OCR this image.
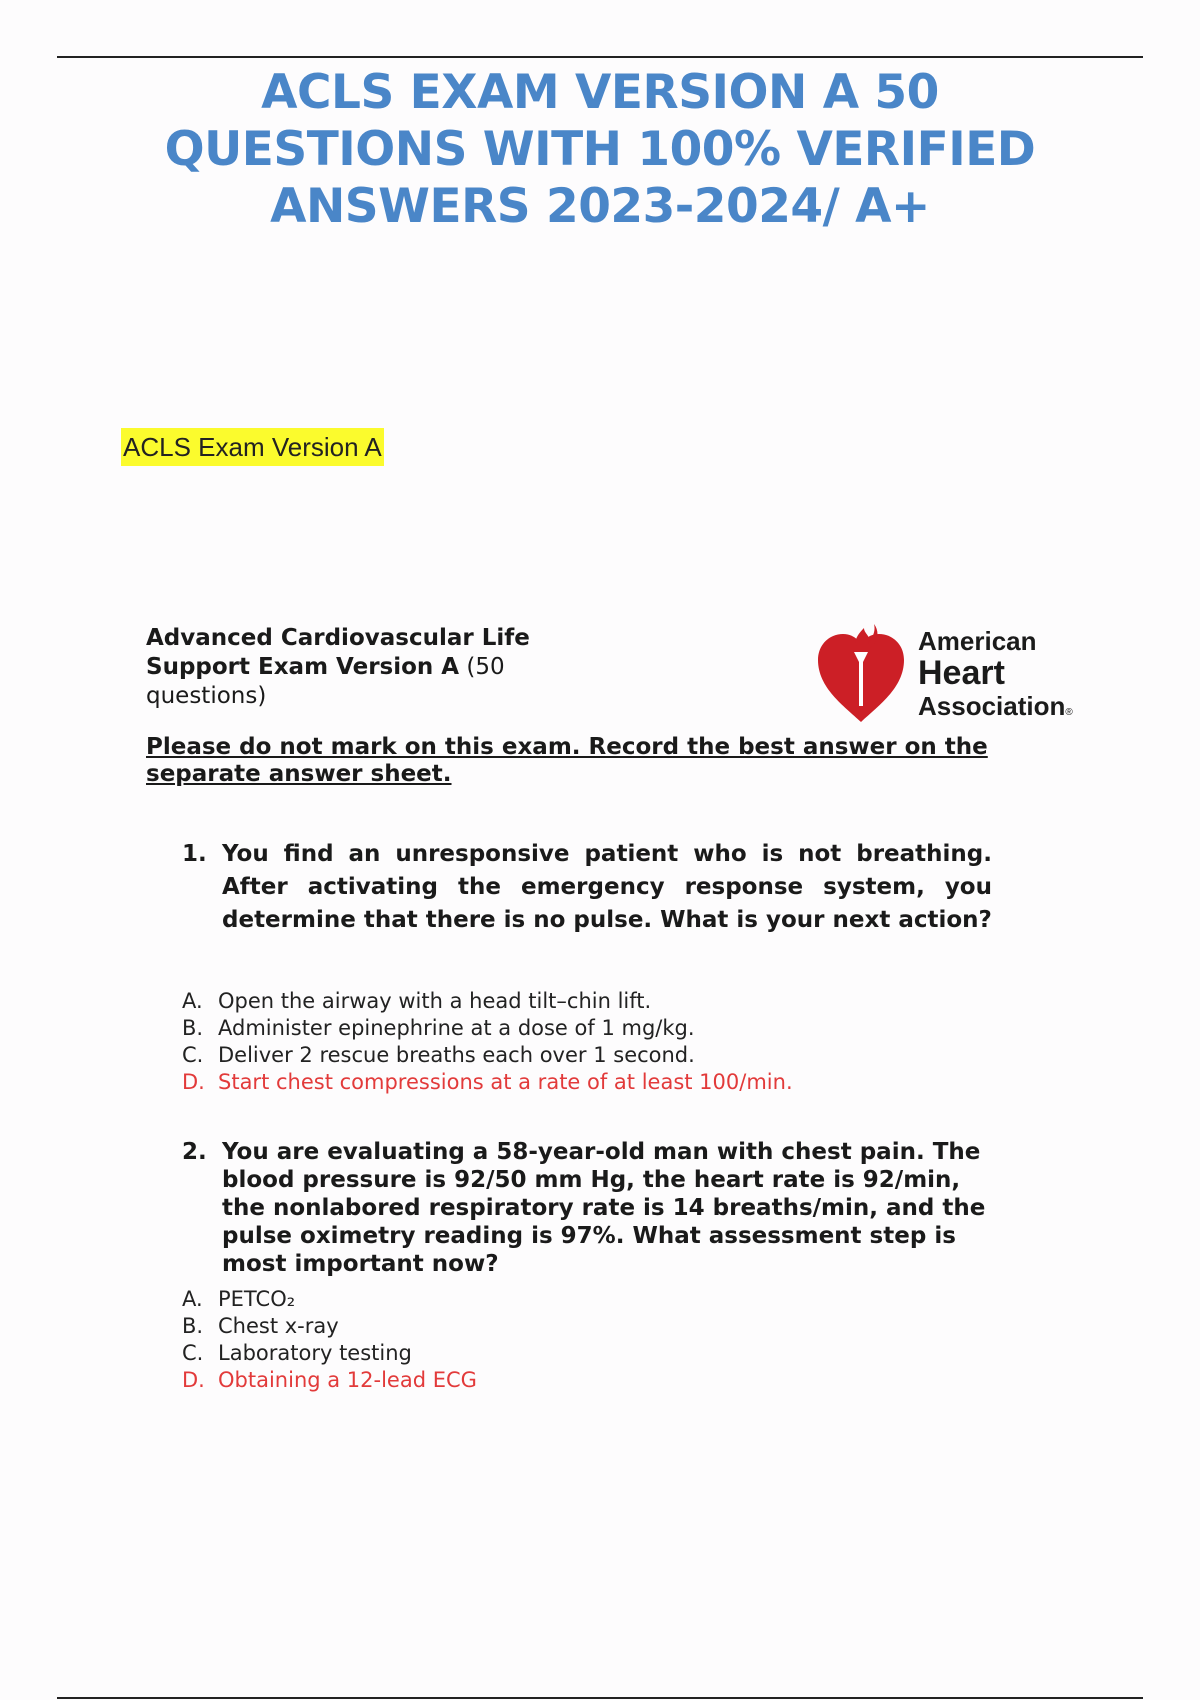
ACLS EXAM VERSION A 50
QUESTIONS WITH 100% VERIFIED
ANSWERS 2023-2024/ A+
ACLS Exam Version A
Advanced Cardiovascular Life Support Exam Version A (50 questions)
American
Heart
Association®
Please do not mark on this exam. Record the best answer on the separate answer sheet.
1. You find an unresponsive patient who is not breathing. After activating the emergency response system, you determine that there is no pulse. What is your next action?
A. Open the airway with a head tilt–chin lift.
B. Administer epinephrine at a dose of 1 mg/kg.
C. Deliver 2 rescue breaths each over 1 second.
D. Start chest compressions at a rate of at least 100/min.
2. You are evaluating a 58-year-old man with chest pain. The blood pressure is 92/50 mm Hg, the heart rate is 92/min, the nonlabored respiratory rate is 14 breaths/min, and the pulse oximetry reading is 97%. What assessment step is most important now?
A. PETCO₂
B. Chest x-ray
C. Laboratory testing
D. Obtaining a 12-lead ECG
